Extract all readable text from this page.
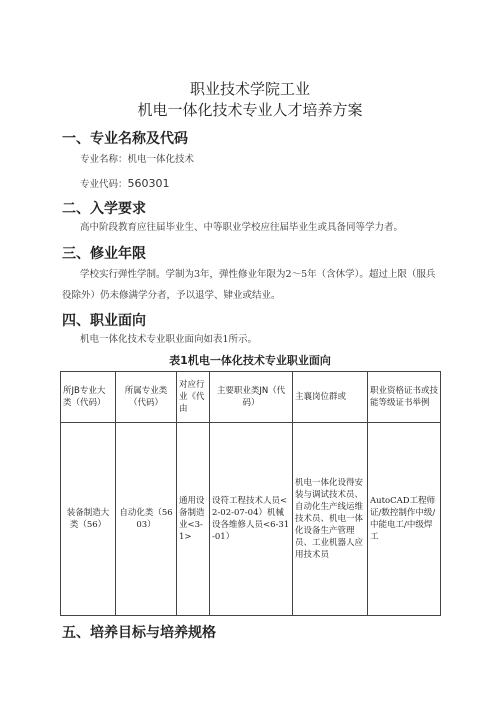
职业技术学院工业
机电一体化技术专业人才培养方案
一、专业名称及代码
专业名称：机电一体化技术
专业代码：560301
二、入学要求
高中阶段教育应往届毕业生、中等职业学校应往届毕业生或具备同等学力者。
三、修业年限
学校实行弹性学制。学制为3年，弹性修业年限为2〜5年（含休学）。超过上限（服兵
役除外）仍未修满学分者，予以退学、肄业或结业。
四、职业面向
机电一体化技术专业职业面向如表1所示。
表1机电一体化技术专业职业面向
所JB专业大类（代码）	所属专业类（代码）	对应行业《代由	主要职业类JN（代码）	主襄岗位群或	职业资格证书或技能等级证书举例
装备制造大类（56）	自动化类（5603）	通用设备制造业<3-1>	设符工程技术人员<2-02-07-04）机械设各维修人员<6-31-01）	机电一体化设得安装与调试技术员、自动化生产线运维技术员、机电一体化设备生产管理员、工业机器人应用技术员	AutoCAD工程师证/数控制作中级/中能电工/中级焊工
五、培养目标与培养规格
